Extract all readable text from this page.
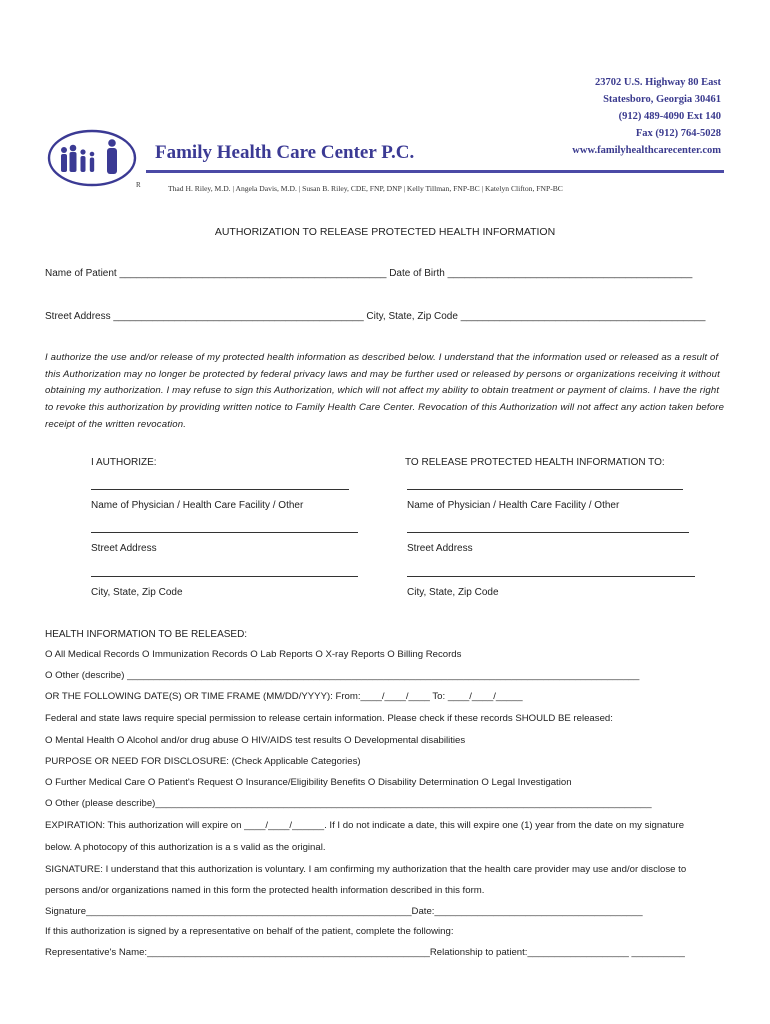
23702 U.S. Highway 80 East
Statesboro, Georgia 30461
(912) 489-4090 Ext 140
Fax (912) 764-5028
www.familyhealthcarecenter.com
R
Family Health Care Center P.C.
Thad H. Riley, M.D. | Angela Davis, M.D. | Susan B. Riley, CDE, FNP, DNP | Kelly Tillman, FNP-BC | Katelyn Clifton, FNP-BC
AUTHORIZATION TO RELEASE PROTECTED HEALTH INFORMATION
Name of Patient ________________________________________________ Date of Birth ____________________________________________
Street Address _____________________________________________ City, State, Zip Code ____________________________________________
I authorize the use and/or release of my protected health information as described below. I understand that the information used or released as a result of this Authorization may no longer be protected by federal privacy laws and may be further used or released by persons or organizations receiving it without obtaining my authorization. I may refuse to sign this Authorization, which will not affect my ability to obtain treatment or payment of claims. I have the right to revoke this authorization by providing written notice to Family Health Care Center. Revocation of this Authorization will not affect any action taken before receipt of the written revocation.
I AUTHORIZE:	TO RELEASE PROTECTED HEALTH INFORMATION TO:
Name of Physician / Health Care Facility / Other	Name of Physician / Health Care Facility / Other
Street Address	Street Address
City, State, Zip Code	City, State, Zip Code
HEALTH INFORMATION TO BE RELEASED:
O All Medical Records O Immunization Records O Lab Reports O X-ray Reports O Billing Records
O Other (describe) ________________________________________________________________________________________________
OR THE FOLLOWING DATE(S) OR TIME FRAME (MM/DD/YYYY): From:____/____/____ To: ____/____/_____
Federal and state laws require special permission to release certain information. Please check if these records SHOULD BE released:
O Mental Health O Alcohol and/or drug abuse O HIV/AIDS test results O Developmental disabilities
PURPOSE OR NEED FOR DISCLOSURE: (Check Applicable Categories)
O Further Medical Care O Patient's Request O Insurance/Eligibility Benefits O Disability Determination O Legal Investigation
O Other (please describe)_____________________________________________________________________________________________
EXPIRATION: This authorization will expire on ____/____/______. If I do not indicate a date, this will expire one (1) year from the date on my signature
below. A photocopy of this authorization is a s valid as the original.
SIGNATURE: I understand that this authorization is voluntary. I am confirming my authorization that the health care provider may use and/or disclose to
persons and/or organizations named in this form the protected health information described in this form.
Signature_____________________________________________________________Date:_______________________________________
If this authorization is signed by a representative on behalf of the patient, complete the following:
Representative's Name:_____________________________________________________Relationship to patient:___________________ __________
